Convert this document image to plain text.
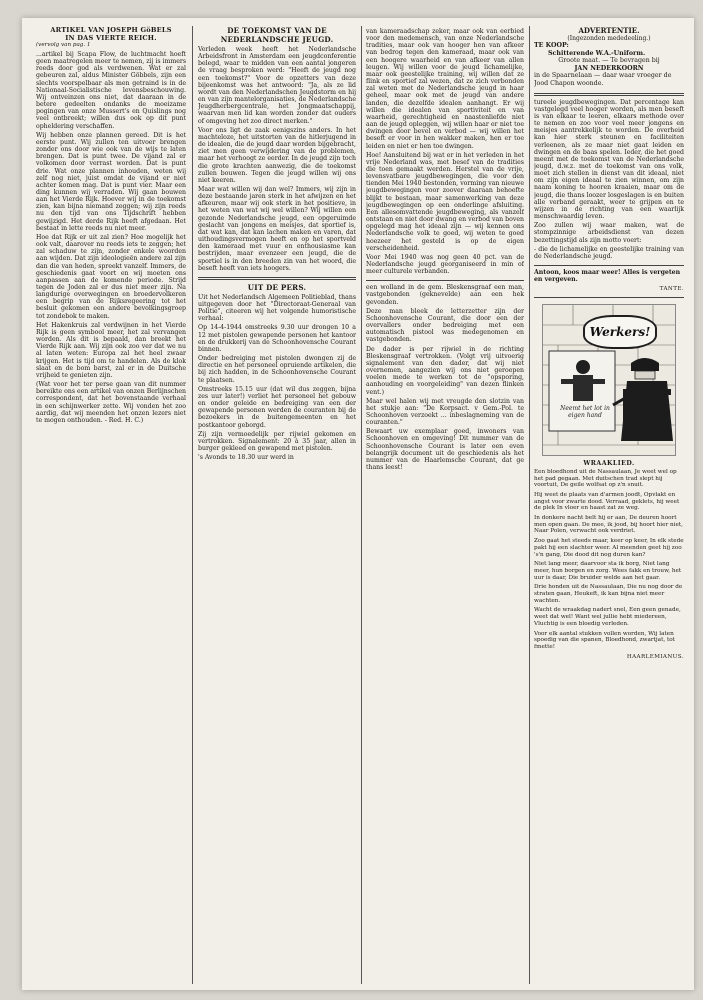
ARTIKEL VAN JOSEPH GöBELS
IN DAS VIERTE REICH.
(vervolg van pag. 1

...artikel bij Scapa Flow, de luchtmacht hoeft geen maatregelen meer te nemen, zij is immers reeds door god als verdwenen. Wat er zal gebeuren zal, aldus Minister Göbbels, zijn een slechts voorspelbaar als men getraind is in de Nationaal-Socialistische levensbeschouwing. Wij ontveinzen ons niet, dat daaraan in de betere gedeelten ondanks de moeizame pogingen van onze Mussert's en Quislings nog veel ontbreekt; willen dus ook op dit punt opheldering verschaffen.

Wij hebben onze plannen gereed. Dit is het eerste punt. Wij zullen ten uitvoer brengen zonder ons door wie ook van de wijs te laten brengen. Dat is punt twee. De vijand zal er volkomen door verrast worden. Dat is punt drie. Wat onze plannen inhouden, weten wij zelf nog niet, juist omdat de vijand er niet achter komen mag. Dat is punt vier. Maar een ding kunnen wij verraden. Wij gaan bouwen aan het Vierde Rijk. Hoever wij in de toekomst zien, kan bijna niemand zeggen; wij zijn reeds nu den tijd van ons Tijdschrift hebben gewijzigd. Het derde Rijk heeft afgedaan. Het bestaat in lette reeds nu niet meer.

Hoe dat Rijk er uit zal zien? Hoe mogelijk het ook valt, daarover nu reeds iets te zeggen; het zal schaduw te zijn, zonder enkele woorden aan wijden. Dat zijn ideologieën andere zal zijn dan die van heden, spreekt vanzelf. Immers, de geschiedenis gaat voort en wij moeten ons aanpassen aan de komende periode. Strijd tegen de Joden zal er dus niet meer zijn. Na langdurige overwegingen en broedervolkeren een begrip van de Rijksregeering tot het besluit gekomen een andere bevolkingsgroep tot zondebok te maken.

Het Hakenkruis zal verdwijnen in het Vierde Rijk is geen symbool meer, het zal vervangen worden. Als dit is bepaald, dan breekt het Vierde Rijk aan. Wij zijn ook zoo ver dat we nu al laten weten: Europa zal het heel zwaar krijgen. Het is tijd om te handelen. Als de klok slaat en de bom barst, zal er in de Duitsche vrijheid te genieten zijn.

(Wat voor het ter perse gaan van dit nummer bereikte ons een artikel van onzen Berlijnschen correspondent, dat het bovenstaande verhaal in een schijnwerker zette. Wij vonden het zoo aardig, dat wij meenden het onzen lezers niet te mogen onthouden. - Red. H. C.)

DE TOEKOMST VAN DE
NEDERLANDSCHE JEUGD.

Verleden week heeft het Nederlandsche Arbeidsfront in Amsterdam een jeugdconferentie belegd, waar te midden van een aantal jongeren de vraag besproken werd: "Heeft de jeugd nog een toekomst?" Voor de opzetters van deze bijeenkomst was het antwoord: "Ja, als ze lid wordt van den Nederlandschen Jeugdstorm en hij en van zijn mantelorganisaties, de Nederlandsche Jeugdherbergcentrale, het Jongmaatschappij, waarvan men lid kan worden zonder dat ouders of omgeving het zoo direct merken."

Voor ons ligt de zaak eenigszins anders. In het machteloze, het uitstorten van de hitlerjugend in de idealen, die de jeugd daar worden bijgebracht, ziet men geen verwijdering van de problemen, maar het verhoogt ze eerder. In de jeugd zijn toch die grote krachten aanwezig, die de toekomst zullen bouwen. Tegen die jeugd willen wij ons niet keeren.

Maar wat willen wij dan wel? Immers, wij zijn in deze bestaande jaren sterk in het afwijzen en het afkeuren, maar wij ook sterk in het positieve, in het weten van wat wij wel willen? Wij willen een gezonde Nederlandsche jeugd, een opgeruimde geslacht van jongens en meisjes, dat sportief is, dat wat kan, dat kan lachen maken en varen, dat uithoudingsvermogen heeft en op het sportveld den kameraad met vuur en enthousiasme kan bestrijden, maar evenzeer een jeugd, die de sportiel is in den breeden zin van het woord, die beseft heeft van iets hoogers.

UIT DE PERS.

Uit het Nederlandsch Algemeen Politieblad, thans uitgegeven door het "Directoraat-Generaal van Politie", citeeren wij het volgende humoristische verhaal:

Op 14-4-1944 omstreeks 9.30 uur drongen 10 a 12 met pistolen gewapende personen het kantoor en de drukkerij van de Schoonhovensche Courant binnen.

Onder bedreiging met pistolen dwongen zij de directie en het personeel opruiende artikelen, die bij zich hadden, in de Schoonhovensche Courant te plaatsen.

Omstreeks 15.15 uur (dat wil dus zeggen, bijna zes uur later!) verliet het personeel het gebouw en onder geleide en bedreiging van een der gewapende personen werden de couranten bij de bezoekers in de buitengemeenten en het postkantoor geborgd.

Zij zijn vermoedelijk per rijwiel gekomen en vertrokken. Signalement: 20 à 35 jaar, allen in burger gekleed en gewapend met pistolen.

's Avonds te 18.30 uur werd in

van kameraadschap zeker, maar ook van eerbied voor den medemensch, van onze Nederlandsche tradities, maar ook van hooger hen van afkeer van bedrog tegen den kameraad, maar ook van een hoogere waarheid en van afkeer van allen leugen. Wij willen voor de jeugd lichamelijke, maar ook geestelijke training, wij willen dat ze flink en sportief zal wezen, dat ze zich verbonden zal weten met de Nederlandsche jeugd in haar geheel, maar ook met de jeugd van andere landen, die dezelfde idealen aanhangt. Er wij willen die idealen van sportiviteit en van waarheid, gerechtigheid en naastenliefde niet aan de jeugd opleggen, wij willen haar er niet toe dwingen door bevel en verbod — wij willen het beseft er voor in hen wakker maken, hen er toe leiden en niet er hen toe dwingen.

Hoe! Aansluitend bij wat er in het verleden in het vrije Nederland was, met besef van de tradities die toen gemaakt werden. Herstel van de vrije, levensvatbare jeugdbewegingen, die voor den tienden Mei 1940 bestonden, vorming van nieuwe jeugdbewegingen voor zoover daaraan behoefte blijkt te bestaan, maar samenwerking van deze jeugdbewegingen op een onderlinge afsluiting. Een allesomvattende jeugdbeweging, als vanzelf ontstaan en niet door dwang en verbod van boven opgelegd mag het ideaal zijn — wij kennen ons Nederlandsche volk te goed, wij weten te goed hoezeer het gesteld is op de eigen verscheidenheid.

Voor Mei 1940 was nog geen 40 pct. van de Nederlandsche jeugd georganiseerd in min of meer culturele verbanden.

een wolland in de gem. Bleskensgraaf een man, vastgebonden (geknevelde) aan een hek gevonden.

Deze man bleek de letterzetter zijn der Schoonhovensche Courant, die door een der overvallers onder bedreiging met een automatisch pistool was medegenomen en vastgebonden.

De dader is per rijwiel in de richting Bleskensgraaf vertrokken. (Volgt vrij uitvoerig signalement van den dader, dat wij niet overnemen, aangezien wij ons niet geroepen voelen mede te werken tot de "opsporing, aanhouding en voorgeleiding" van dezen flinken vent.)

Maar wel halen wij met vreugde den slotzin van het stukje aan: "De Korpsact. v Gem.-Pol. te Schoonhoven verzoekt ... inbeslagneming van de couranten."

Bewaart uw exemplaar goed, inwoners van Schoonhoven en omgeving! Dit nummer van de Schoonhovensche Courant is later een even belangrijk document uit de geschiedenis als het nummer van de Haarlemsche Courant, dat ge thans leest!

ADVERTENTIE.
(Ingezonden mededeeling.)
TE KOOP:
Schitterende W.A.-Uniform.
Groote maat. — Te bevragen bij
JAN NEDERKOORN
in de Spaarnelaan — daar waar vroeger de Jood Chapon woonde.

tureele jeugdbewegingen. Dat percentage kan vastgelegd veel hooger worden, als men beseft is van elkaar te leeren, elkaars methode over te nemen en zoo voor veel meer jongens en meisjes aantrekkelijk te worden. De overheid kan hier sterk steunen en faciliteiten verleenen, als ze maar niet gaat leiden en dwingen en de baas spelen. Ieder, die het goed meent met de toekomst van de Nederlandsche jeugd, d.w.z. met de toekomst van ons volk, moet zich stellen in dienst van dit ideaal, niet om zijn eigen ideaal te zien winnen, om zijn naam koning te hooren kraaien, maar om de jeugd, die thans loozer losgeslagen is en buiten alle verband geraakt, weer te grijpen en te wijzen in de richting van een waarlijk menschwaardig leven.

Zoo zullen wij waar maken, wat de stompzinnige arbeidsdienst van dezen bezettingstijd als zijn motto voert:

- die de lichamelijke en geestelijke training van de Nederlandsche jeugd.

Antoon, koos maar weer! Alles is vergeten en vergeven.
TANTE.
Werkers!
Neemt het lot in eigen hand
WRAAKLIED.

Een bloedhond uit de Nassaulaan, Je weet wel op het pad gegaan. Met duitschen trad slept hij voortuit, De geile wolfsat op z'n snuit.

Hij weet de plaats van d'armen joodt, Opvlakt en angst voor zwarte dood. Verraad, geklets, hij weet de plek In vloer en haast zat ze weg.

In donkere nacht belt hij er aan, De deuren hoort men open gaan. De mee, ik jood, bij hoort hier niet, Naar Polen, verwacht ook verdriet.

Zoo gaat het steeds maar, keer op keer, In elk stede pakt hij een slachter weer. Al meenden geet hij zoo 's'n gang, Die dood dit nog duren kan?

Niet lang meer, daarvoor sta ik borg, Niet lang meer, hun borgen en zorg. Wees fakk en trouw, het uur is daar, Die bruider welde aan het gaar.

Drie honden uit de Nassaulaan, Die nu nog door de straten gaan, Heukeft, ik kan bijna niet meer wachten.

Wacht de wraakdag nadert snel, Een geen genade, weet dat wel! Want wel jullie hebt miedereen, Vluchtig is een bloedig verleden.

Voor elk aantal stukken vollen worden, Wij laten spoedig van die spanen, Bloedhond, zwartjat, tot fmette!

HAARLEMIANUS.
